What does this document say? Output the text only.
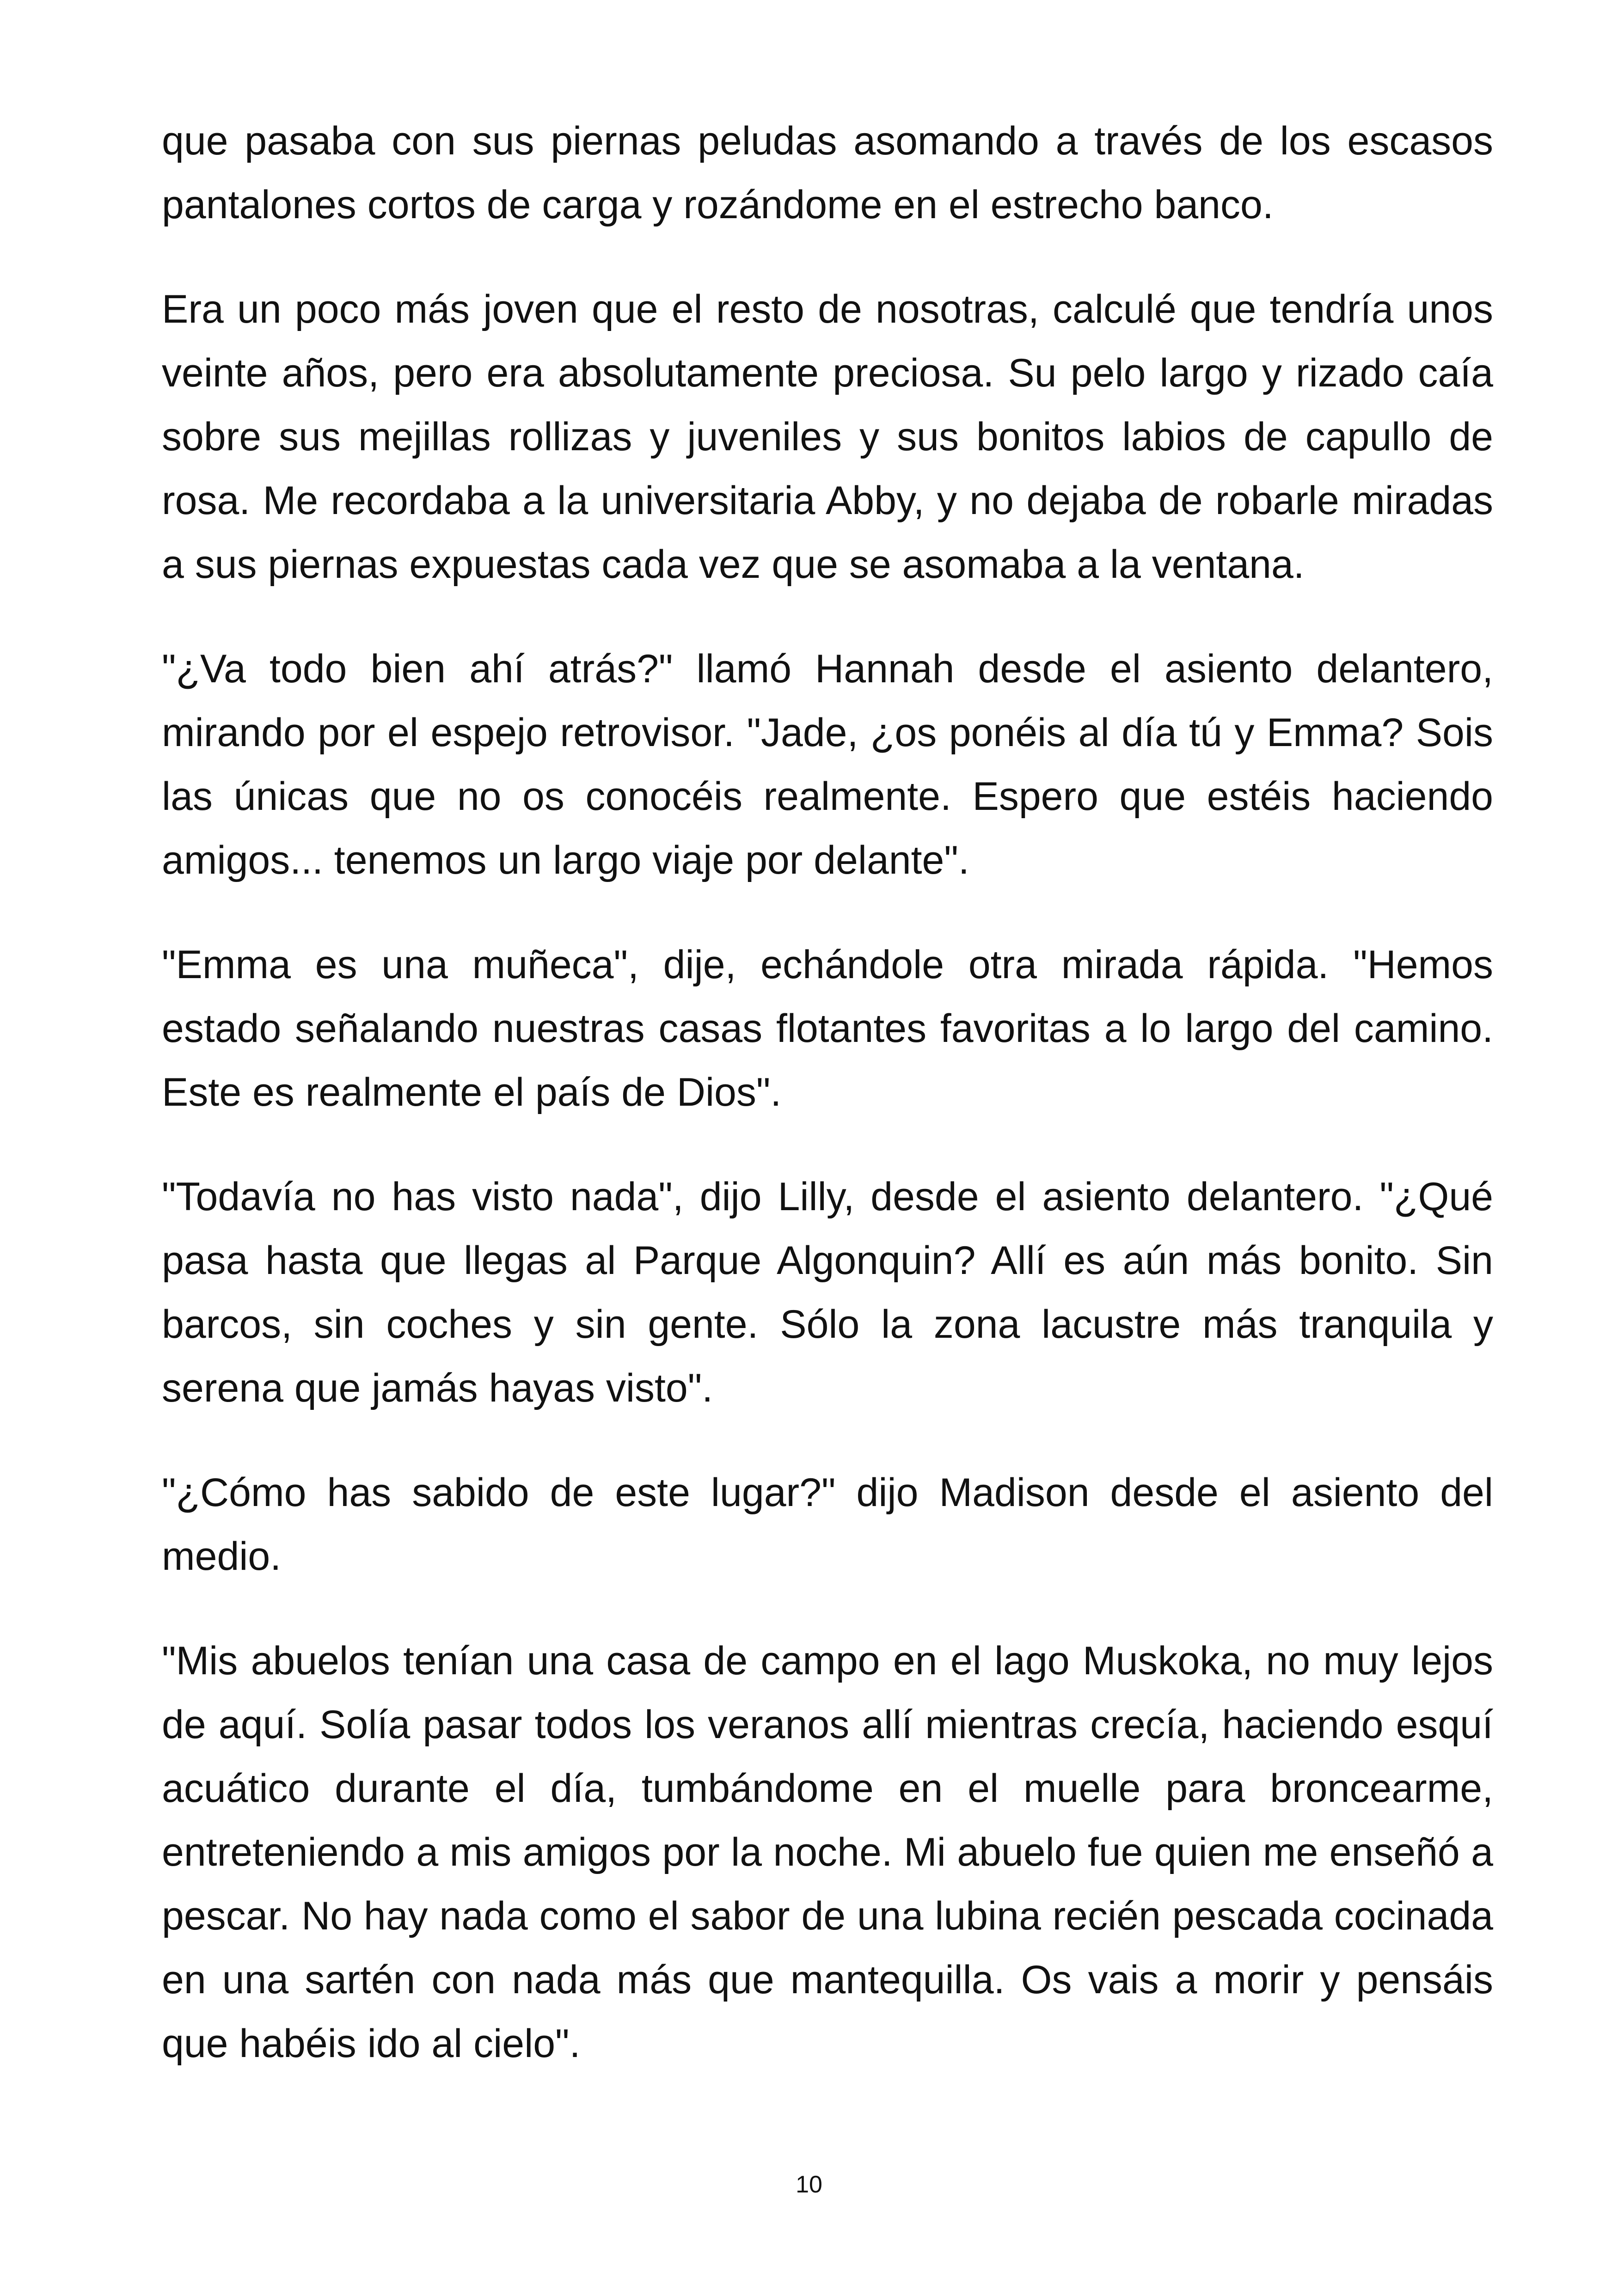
que pasaba con sus piernas peludas asomando a través de los escasos pantalones cortos de carga y rozándome en el estrecho banco.

Era un poco más joven que el resto de nosotras, calculé que tendría unos veinte años, pero era absolutamente preciosa. Su pelo largo y rizado caía sobre sus mejillas rollizas y juveniles y sus bonitos labios de capullo de rosa. Me recordaba a la universitaria Abby, y no dejaba de robarle miradas a sus piernas expuestas cada vez que se asomaba a la ventana.

"¿Va todo bien ahí atrás?" llamó Hannah desde el asiento delantero, mirando por el espejo retrovisor. "Jade, ¿os ponéis al día tú y Emma? Sois las únicas que no os conocéis realmente. Espero que estéis haciendo amigos... tenemos un largo viaje por delante".

"Emma es una muñeca", dije, echándole otra mirada rápida. "Hemos estado señalando nuestras casas flotantes favoritas a lo largo del camino. Este es realmente el país de Dios".

"Todavía no has visto nada", dijo Lilly, desde el asiento delantero. "¿Qué pasa hasta que llegas al Parque Algonquin? Allí es aún más bonito. Sin barcos, sin coches y sin gente. Sólo la zona lacustre más tranquila y serena que jamás hayas visto".

"¿Cómo has sabido de este lugar?" dijo Madison desde el asiento del medio.

"Mis abuelos tenían una casa de campo en el lago Muskoka, no muy lejos de aquí. Solía pasar todos los veranos allí mientras crecía, haciendo esquí acuático durante el día, tumbándome en el muelle para broncearme, entreteniendo a mis amigos por la noche. Mi abuelo fue quien me enseñó a pescar. No hay nada como el sabor de una lubina recién pescada cocinada en una sartén con nada más que mantequilla. Os vais a morir y pensáis que habéis ido al cielo".

10
